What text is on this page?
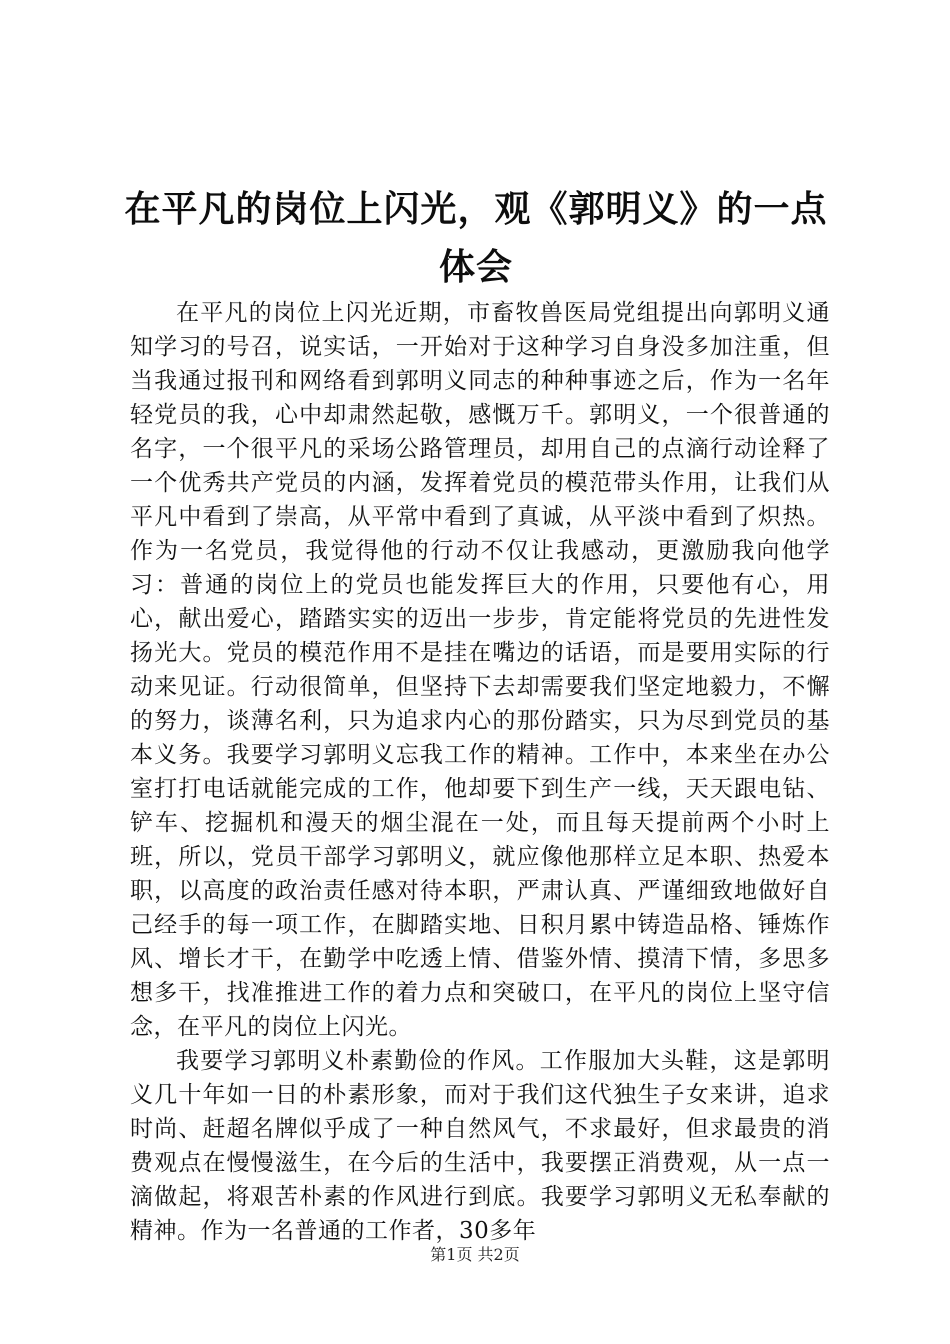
在平凡的岗位上闪光，观《郭明义》的一点体会

在平凡的岗位上闪光近期，市畜牧兽医局党组提出向郭明义通知学习的号召，说实话，一开始对于这种学习自身没多加注重，但当我通过报刊和网络看到郭明义同志的种种事迹之后，作为一名年轻党员的我，心中却肃然起敬，感慨万千。郭明义，一个很普通的名字，一个很平凡的采场公路管理员，却用自己的点滴行动诠释了一个优秀共产党员的内涵，发挥着党员的模范带头作用，让我们从平凡中看到了崇高，从平常中看到了真诚，从平淡中看到了炽热。作为一名党员，我觉得他的行动不仅让我感动，更激励我向他学习：普通的岗位上的党员也能发挥巨大的作用，只要他有心，用心，献出爱心，踏踏实实的迈出一步步，肯定能将党员的先进性发扬光大。党员的模范作用不是挂在嘴边的话语，而是要用实际的行动来见证。行动很简单，但坚持下去却需要我们坚定地毅力，不懈的努力，谈薄名利，只为追求内心的那份踏实，只为尽到党员的基本义务。我要学习郭明义忘我工作的精神。工作中，本来坐在办公室打打电话就能完成的工作，他却要下到生产一线，天天跟电钻、铲车、挖掘机和漫天的烟尘混在一处，而且每天提前两个小时上班，所以，党员干部学习郭明义，就应像他那样立足本职、热爱本职，以高度的政治责任感对待本职，严肃认真、严谨细致地做好自己经手的每一项工作，在脚踏实地、日积月累中铸造品格、锤炼作风、增长才干，在勤学中吃透上情、借鉴外情、摸清下情，多思多想多干，找准推进工作的着力点和突破口，在平凡的岗位上坚守信念，在平凡的岗位上闪光。

我要学习郭明义朴素勤俭的作风。工作服加大头鞋，这是郭明义几十年如一日的朴素形象，而对于我们这代独生子女来讲，追求时尚、赶超名牌似乎成了一种自然风气，不求最好，但求最贵的消费观点在慢慢滋生，在今后的生活中，我要摆正消费观，从一点一滴做起，将艰苦朴素的作风进行到底。我要学习郭明义无私奉献的精神。作为一名普通的工作者，30多年

第1页 共2页
